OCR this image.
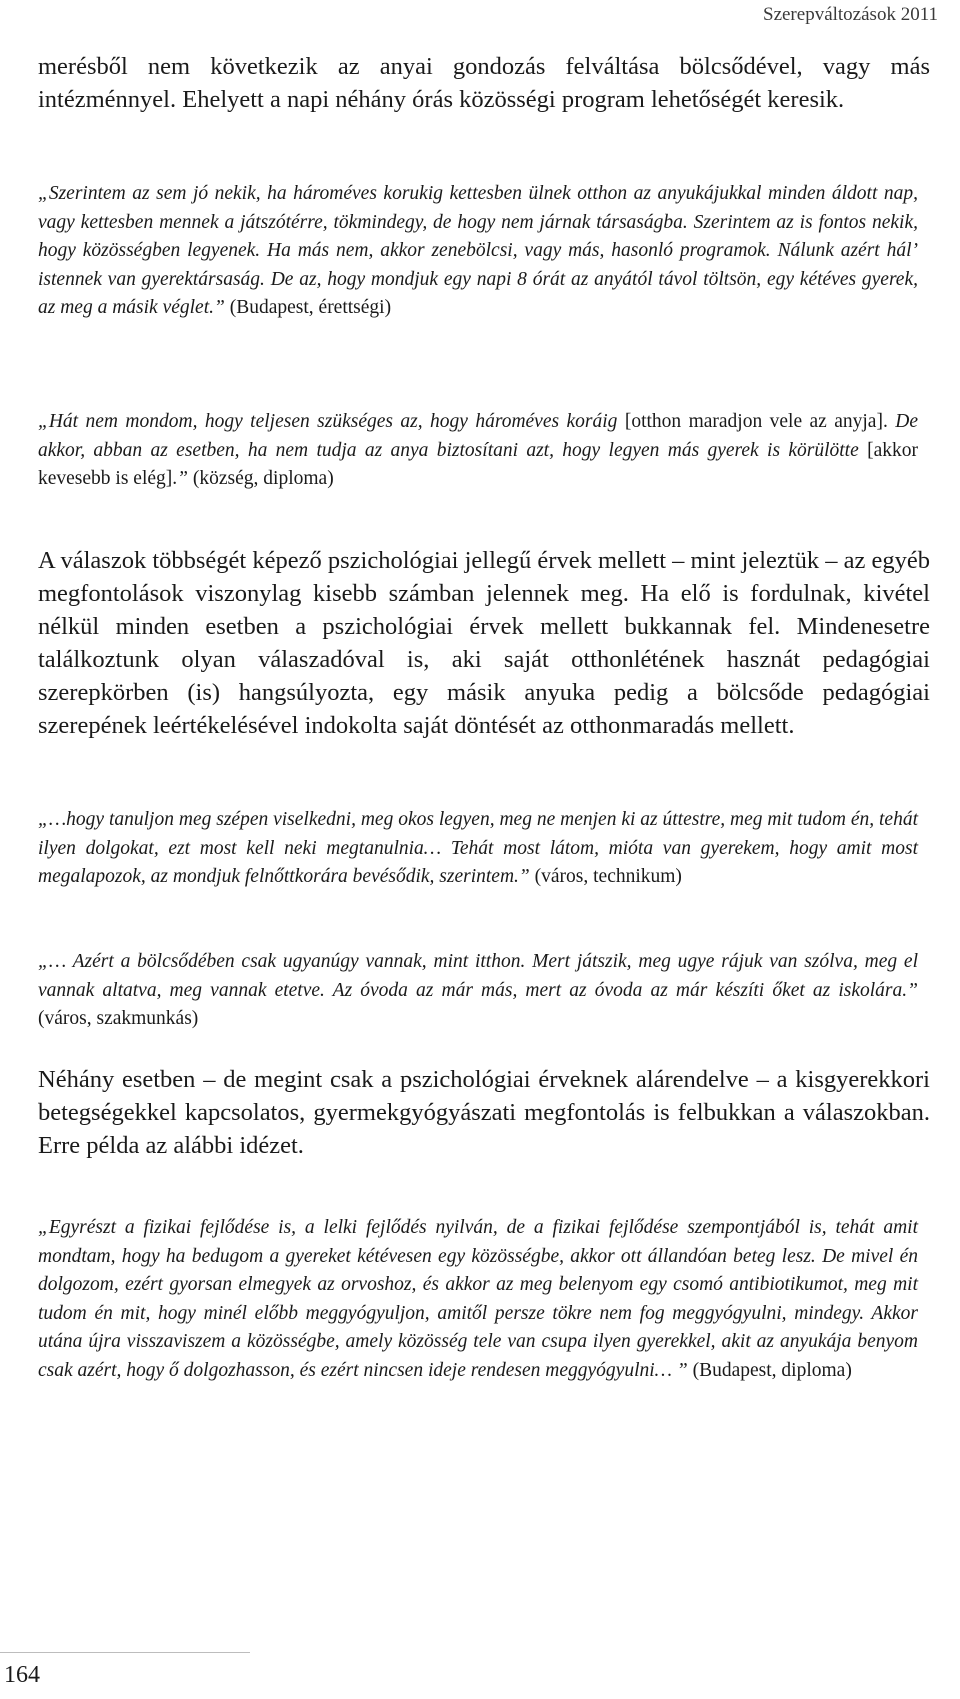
Szerepváltozások 2011

merésből nem következik az anyai gondozás felváltása bölcsődével, vagy más intézménnyel. Ehelyett a napi néhány órás közösségi program lehetőségét keresik.

„Szerintem az sem jó nekik, ha hároméves korukig kettesben ülnek otthon az anyukájukkal minden áldott nap, vagy kettesben mennek a játszótérre, tökmindegy, de hogy nem járnak társaságba. Szerintem az is fontos nekik, hogy közösségben legyenek. Ha más nem, akkor zenebölcsi, vagy más, hasonló programok. Nálunk azért hál’ istennek van gyerektársaság. De az, hogy mondjuk egy napi 8 órát az anyától távol töltsön, egy kétéves gyerek, az meg a másik véglet.” (Budapest, érettségi)
„Hát nem mondom, hogy teljesen szükséges az, hogy hároméves koráig [otthon maradjon vele az anyja]. De akkor, abban az esetben, ha nem tudja az anya biztosítani azt, hogy legyen más gyerek is körülötte [akkor kevesebb is elég].” (község, diploma)

A válaszok többségét képező pszichológiai jellegű érvek mellett – mint jeleztük – az egyéb megfontolások viszonylag kisebb számban jelennek meg. Ha elő is fordulnak, kivétel nélkül minden esetben a pszichológiai érvek mellett bukkannak fel. Mindenesetre találkoztunk olyan válaszadóval is, aki saját otthonlétének hasznát pedagógiai szerepkörben (is) hangsúlyozta, egy másik anyuka pedig a bölcsőde pedagógiai szerepének leértékelésével indokolta saját döntését az otthonmaradás mellett.

„…hogy tanuljon meg szépen viselkedni, meg okos legyen, meg ne menjen ki az úttestre, meg mit tudom én, tehát ilyen dolgokat, ezt most kell neki megtanulnia… Tehát most látom, mióta van gyerekem, hogy amit most megalapozok, az mondjuk felnőttkorára bevésődik, szerintem.” (város, technikum)
„… Azért a bölcsődében csak ugyanúgy vannak, mint itthon. Mert játszik, meg ugye rájuk van szólva, meg el vannak altatva, meg vannak etetve. Az óvoda az már más, mert az óvoda az már készíti őket az iskolára.” (város, szakmunkás)

Néhány esetben – de megint csak a pszichológiai érveknek alárendelve – a kisgyerekkori betegségekkel kapcsolatos, gyermekgyógyászati megfontolás is felbukkan a válaszokban. Erre példa az alábbi idézet.

„Egyrészt a fizikai fejlődése is, a lelki fejlődés nyilván, de a fizikai fejlődése szempontjából is, tehát amit mondtam, hogy ha bedugom a gyereket kétévesen egy közösségbe, akkor ott állandóan beteg lesz. De mivel én dolgozom, ezért gyorsan elmegyek az orvoshoz, és akkor az meg belenyom egy csomó antibiotikumot, meg mit tudom én mit, hogy minél előbb meggyógyuljon, amitől persze tökre nem fog meggyógyulni, mindegy. Akkor utána újra visszaviszem a közösségbe, amely közösség tele van csupa ilyen gyerekkel, akit az anyukája benyom csak azért, hogy ő dolgozhasson, és ezért nincsen ideje rendesen meggyógyulni… ” (Budapest, diploma)
164
